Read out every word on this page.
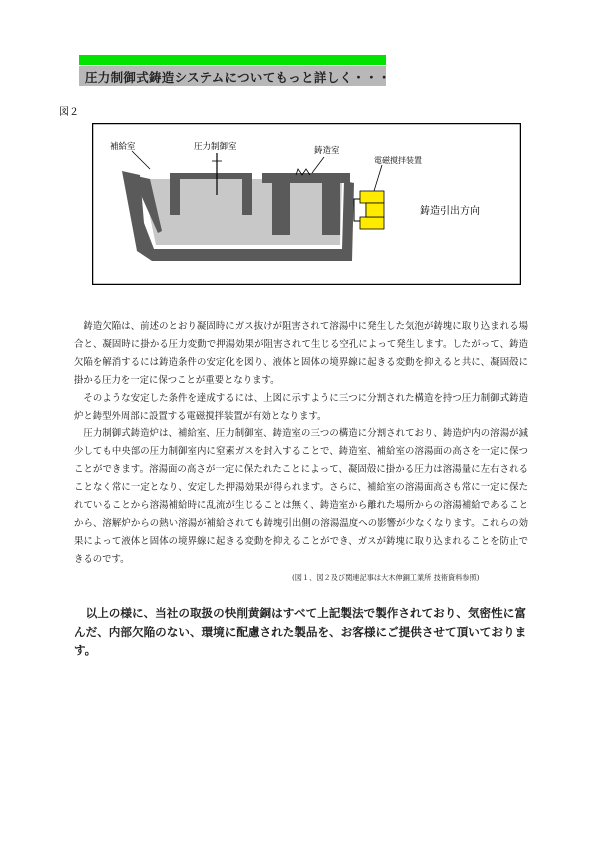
圧力制御式鋳造システムについてもっと詳しく・・・
図２
補給室	圧力制御室	鋳造室
電磁撹拌装置
鋳造引出方向

鋳造欠陥は、前述のとおり凝固時にガス抜けが阻害されて溶湯中に発生した気泡が鋳塊に取り込まれる場合と、凝固時に掛かる圧力変動で押湯効果が阻害されて生じる空孔によって発生します。したがって、鋳造欠陥を解消するには鋳造条件の安定化を図り、液体と固体の境界線に起きる変動を抑えると共に、凝固殻に掛かる圧力を一定に保つことが重要となります。

そのような安定した条件を達成するには、上図に示すように三つに分割された構造を持つ圧力制御式鋳造炉と鋳型外周部に設置する電磁撹拌装置が有効となります。

圧力制御式鋳造炉は、補給室、圧力制御室、鋳造室の三つの構造に分割されており、鋳造炉内の溶湯が減少しても中央部の圧力制御室内に窒素ガスを封入することで、鋳造室、補給室の溶湯面の高さを一定に保つことができます。溶湯面の高さが一定に保たれたことによって、凝固殻に掛かる圧力は溶湯量に左右されることなく常に一定となり、安定した押湯効果が得られます。さらに、補給室の溶湯面高さも常に一定に保たれていることから溶湯補給時に乱流が生じることは無く、鋳造室から離れた場所からの溶湯補給であることから、溶解炉からの熱い溶湯が補給されても鋳塊引出側の溶湯温度への影響が少なくなります。これらの効果によって液体と固体の境界線に起きる変動を抑えることができ、ガスが鋳塊に取り込まれることを防止できるのです。

(図１、図２及び関連記事は大木伸銅工業所 技術資料参照)

以上の様に、当社の取扱の快削黄銅はすべて上記製法で製作されており、気密性に富んだ、内部欠陥のない、環境に配慮された製品を、お客様にご提供させて頂いております。
